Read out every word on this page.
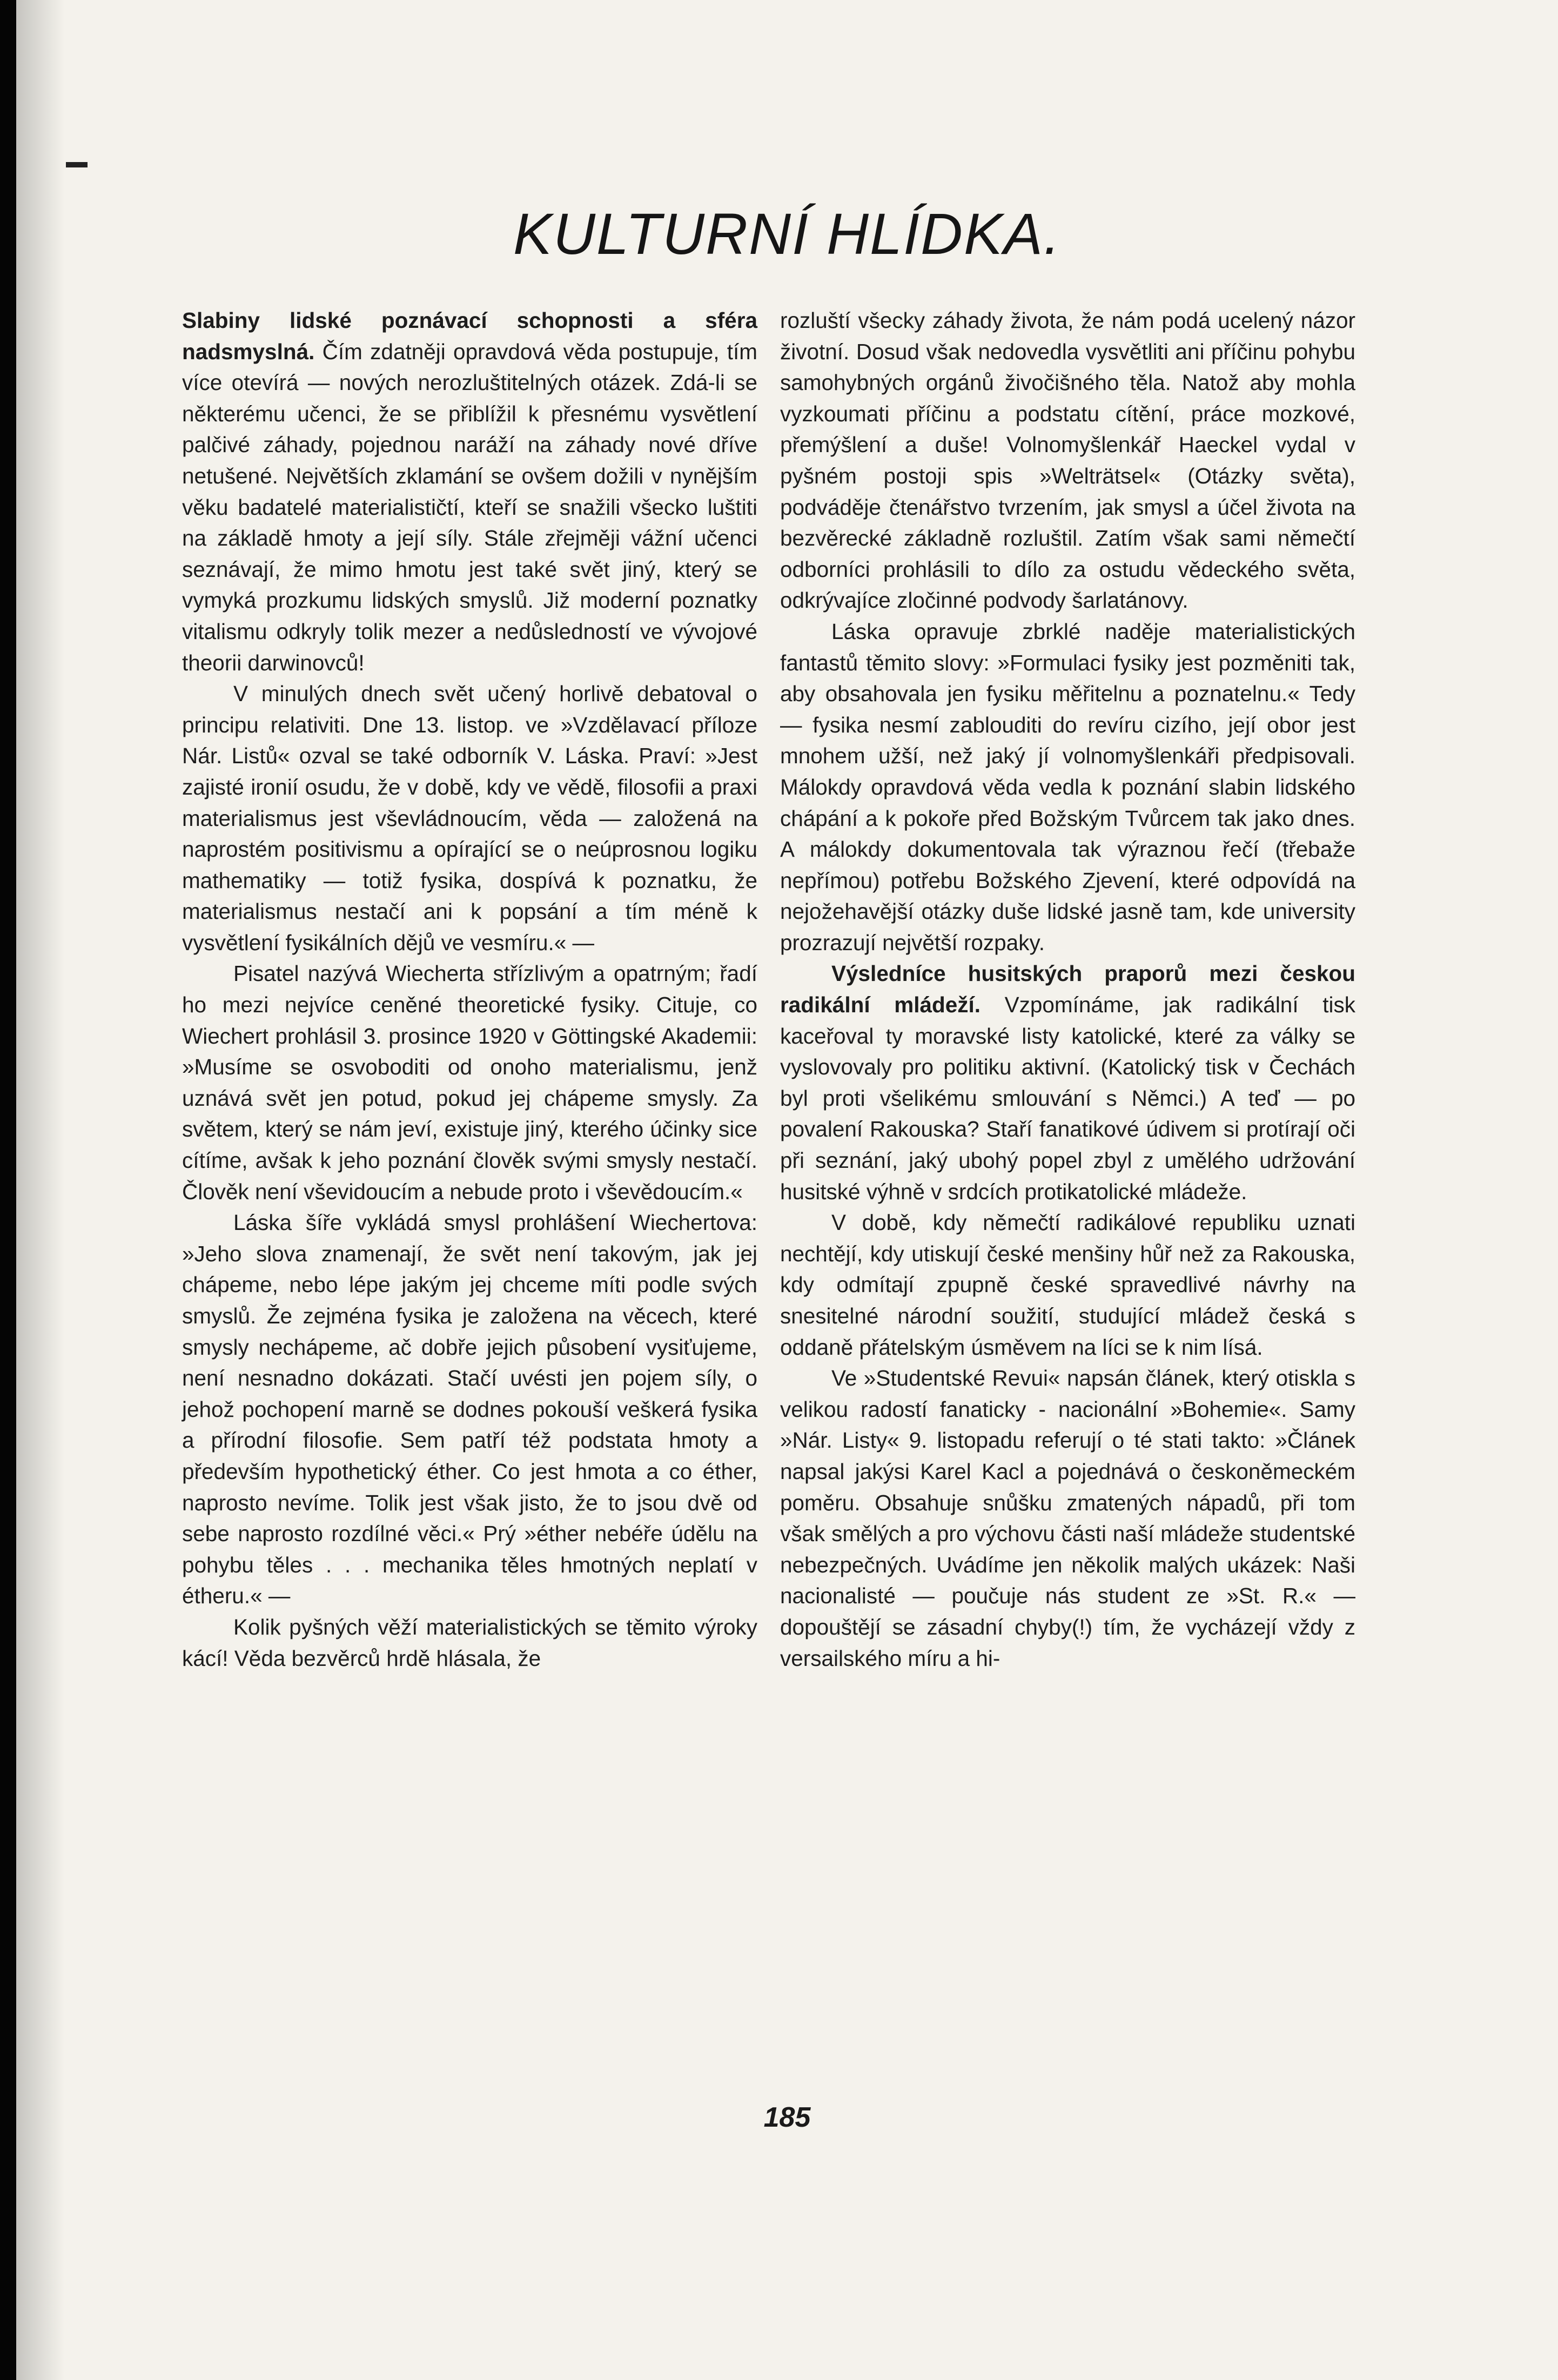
KULTURNÍ HLÍDKA.

Slabiny lidské poznávací schopnosti a sféra nadsmyslná. Čím zdatněji opravdová věda postupuje, tím více otevírá — nových nerozluštitelných otázek. Zdá-li se některému učenci, že se přiblížil k přesnému vysvětlení palčivé záhady, pojednou naráží na záhady nové dříve netušené. Největších zklamání se ovšem dožili v nynějším věku badatelé materialističtí, kteří se snažili všecko luštiti na základě hmoty a její síly. Stále zřejměji vážní učenci seznávají, že mimo hmotu jest také svět jiný, který se vymyká prozkumu lidských smyslů. Již moderní poznatky vitalismu odkryly tolik mezer a nedůsledností ve vývojové theorii darwinovců!

V minulých dnech svět učený horlivě debatoval o principu relativiti. Dne 13. listop. ve »Vzdělavací příloze Nár. Listů« ozval se také odborník V. Láska. Praví: »Jest zajisté ironií osudu, že v době, kdy ve vědě, filosofii a praxi materialismus jest vševládnoucím, věda — založená na naprostém positivismu a opírající se o neúprosnou logiku mathematiky — totiž fysika, dospívá k poznatku, že materialismus nestačí ani k popsání a tím méně k vysvětlení fysikálních dějů ve vesmíru.« —

Pisatel nazývá Wiecherta střízlivým a opatrným; řadí ho mezi nejvíce ceněné theoretické fysiky. Cituje, co Wiechert prohlásil 3. prosince 1920 v Göttingské Akademii: »Musíme se osvoboditi od onoho materialismu, jenž uznává svět jen potud, pokud jej chápeme smysly. Za světem, který se nám jeví, existuje jiný, kterého účinky sice cítíme, avšak k jeho poznání člověk svými smysly nestačí. Člověk není vševidoucím a nebude proto i vševědoucím.«

Láska šíře vykládá smysl prohlášení Wiechertova: »Jeho slova znamenají, že svět není takovým, jak jej chápeme, nebo lépe jakým jej chceme míti podle svých smyslů. Že zejména fysika je založena na věcech, které smysly nechápeme, ač dobře jejich působení vysiťujeme, není nesnadno dokázati. Stačí uvésti jen pojem síly, o jehož pochopení marně se dodnes pokouší veškerá fysika a přírodní filosofie. Sem patří též podstata hmoty a především hypothetický éther. Co jest hmota a co éther, naprosto nevíme. Tolik jest však jisto, že to jsou dvě od sebe naprosto rozdílné věci.« Prý »éther nebéře údělu na pohybu těles . . . mechanika těles hmotných neplatí v étheru.« —

Kolik pyšných věží materialistických se těmito výroky kácí! Věda bezvěrců hrdě hlásala, že

rozluští všecky záhady života, že nám podá ucelený názor životní. Dosud však nedovedla vysvětliti ani příčinu pohybu samohybných orgánů živočišného těla. Natož aby mohla vyzkoumati příčinu a podstatu cítění, práce mozkové, přemýšlení a duše! Volnomyšlenkář Haeckel vydal v pyšném postoji spis »Welträtsel« (Otázky světa), podváděje čtenářstvo tvrzením, jak smysl a účel života na bezvěrecké základně rozluštil. Zatím však sami němečtí odborníci prohlásili to dílo za ostudu vědeckého světa, odkrývajíce zločinné podvody šarlatánovy.

Láska opravuje zbrklé naděje materialistických fantastů těmito slovy: »Formulaci fysiky jest pozměniti tak, aby obsahovala jen fysiku měřitelnu a poznatelnu.« Tedy — fysika nesmí zablouditi do revíru cizího, její obor jest mnohem užší, než jaký jí volnomyšlenkáři předpisovali. Málokdy opravdová věda vedla k poznání slabin lidského chápání a k pokoře před Božským Tvůrcem tak jako dnes. A málokdy dokumentovala tak výraznou řečí (třebaže nepřímou) potřebu Božského Zjevení, které odpovídá na nejožehavější otázky duše lidské jasně tam, kde university prozrazují největší rozpaky.

Výsledníce husitských praporů mezi českou radikální mládeží. Vzpomínáme, jak radikální tisk kaceřoval ty moravské listy katolické, které za války se vyslovovaly pro politiku aktivní. (Katolický tisk v Čechách byl proti všelikému smlouvání s Němci.) A teď — po povalení Rakouska? Staří fanatikové údivem si protírají oči při seznání, jaký ubohý popel zbyl z umělého udržování husitské výhně v srdcích protikatolické mládeže.

V době, kdy němečtí radikálové republiku uznati nechtějí, kdy utiskují české menšiny hůř než za Rakouska, kdy odmítají zpupně české spravedlivé návrhy na snesitelné národní soužití, studující mládež česká s oddaně přátelským úsměvem na líci se k nim lísá.

Ve »Studentské Revui« napsán článek, který otiskla s velikou radostí fanaticky - nacionální »Bohemie«. Samy »Nár. Listy« 9. listopadu referují o té stati takto: »Článek napsal jakýsi Karel Kacl a pojednává o českoněmeckém poměru. Obsahuje snůšku zmatených nápadů, při tom však smělých a pro výchovu části naší mládeže studentské nebezpečných. Uvádíme jen několik malých ukázek: Naši nacionalisté — poučuje nás student ze »St. R.« — dopouštějí se zásadní chyby(!) tím, že vycházejí vždy z versailského míru a hi-

185
